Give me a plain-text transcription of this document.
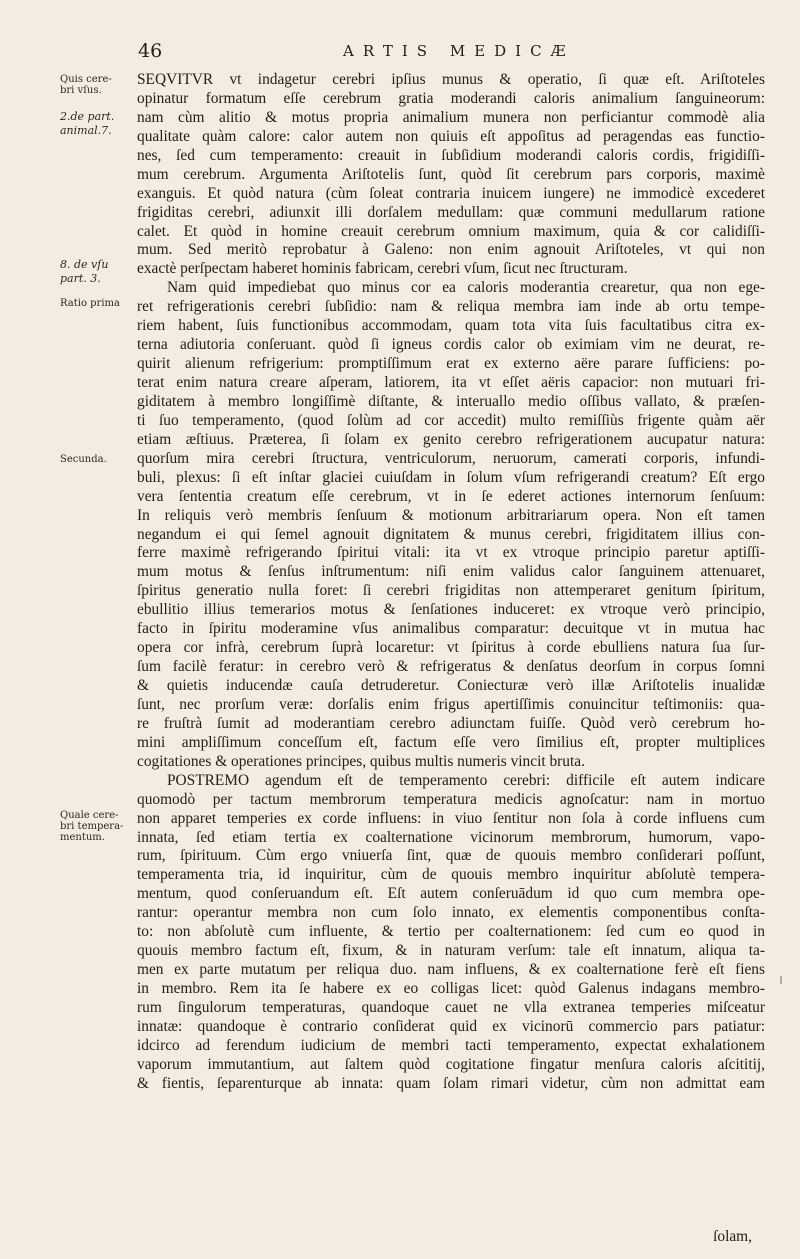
46	ARTIS MEDICÆ
Quis cere-
bri vſus.
2.de part.
animal.7.
8. de vſu
part. 3.
Ratio prima
Secunda.
Quale cere-
bri tempera-
mentum.
SEQVITVR vt indagetur cerebri ipſius munus & operatio, ſi quæ eſt. Ariſtoteles
opinatur formatum eſſe cerebrum gratia moderandi caloris animalium ſanguineorum:
nam cùm alitio & motus propria animalium munera non perficiantur commodè alia
qualitate quàm calore: calor autem non quiuis eſt appoſitus ad peragendas eas functio-
nes, ſed cum temperamento: creauit in ſubſidium moderandi caloris cordis, frigidiſſi-
mum cerebrum. Argumenta Ariſtotelis ſunt, quòd ſit cerebrum pars corporis, maximè
exanguis. Et quòd natura (cùm ſoleat contraria inuicem iungere) ne immodicè excederet
frigiditas cerebri, adiunxit illi dorſalem medullam: quæ communi medullarum ratione
calet. Et quòd in homine creauit cerebrum omnium maximum, quia & cor calidiſſi-
mum. Sed meritò reprobatur à Galeno: non enim agnouit Ariſtoteles, vt qui non
exactè perſpectam haberet hominis fabricam, cerebri vſum, ſicut nec ſtructuram.
Nam quid impediebat quo minus cor ea caloris moderantia crearetur, qua non ege-
ret refrigerationis cerebri ſubſidio: nam & reliqua membra iam inde ab ortu tempe-
riem habent, ſuis functionibus accommodam, quam tota vita ſuis facultatibus citra ex-
terna adiutoria conſeruant. quòd ſi igneus cordis calor ob eximiam vim ne deurat, re-
quirit alienum refrigerium: promptiſſimum erat ex externo aëre parare ſufficiens: po-
terat enim natura creare aſperam, latiorem, ita vt eſſet aëris capacior: non mutuari fri-
giditatem à membro longiſſimè diſtante, & interuallo medio oſſibus vallato, & præſen-
ti ſuo temperamento, (quod ſolùm ad cor accedit) multo remiſſiùs frigente quàm aër
etiam æſtiuus. Præterea, ſi ſolam ex genito cerebro refrigerationem aucupatur natura:
quorſum mira cerebri ſtructura, ventriculorum, neruorum, camerati corporis, infundi-
buli, plexus: ſi eſt inſtar glaciei cuiuſdam in ſolum vſum refrigerandi creatum? Eſt ergo
vera ſententia creatum eſſe cerebrum, vt in ſe ederet actiones internorum ſenſuum:
In reliquis verò membris ſenſuum & motionum arbitrariarum opera. Non eſt tamen
negandum ei qui ſemel agnouit dignitatem & munus cerebri, frigiditatem illius con-
ferre maximè refrigerando ſpiritui vitali: ita vt ex vtroque principio paretur aptiſſi-
mum motus & ſenſus inſtrumentum: niſi enim validus calor ſanguinem attenuaret,
ſpiritus generatio nulla foret: ſi cerebri frigiditas non attemperaret genitum ſpiritum,
ebullitio illius temerarios motus & ſenſationes induceret: ex vtroque verò principio,
facto in ſpiritu moderamine vſus animalibus comparatur: decuitque vt in mutua hac
opera cor infrà, cerebrum ſuprà locaretur: vt ſpiritus à corde ebulliens natura ſua ſur-
ſum facilè feratur: in cerebro verò & refrigeratus & denſatus deorſum in corpus ſomni
& quietis inducendæ cauſa detruderetur. Coniecturæ verò illæ Ariſtotelis inualidæ
ſunt, nec prorſum veræ: dorſalis enim frigus apertiſſimis conuincitur teſtimoniis: qua-
re fruſtrà ſumit ad moderantiam cerebro adiunctam fuiſſe. Quòd verò cerebrum ho-
mini ampliſſimum conceſſum eſt, factum eſſe vero ſimilius eſt, propter multiplices
cogitationes & operationes principes, quibus multis numeris vincit bruta.
POSTREMO agendum eſt de temperamento cerebri: difficile eſt autem indicare
quomodò per tactum membrorum temperatura medicis agnoſcatur: nam in mortuo
non apparet temperies ex corde influens: in viuo ſentitur non ſola à corde influens cum
innata, ſed etiam tertia ex coalternatione vicinorum membrorum, humorum, vapo-
rum, ſpirituum. Cùm ergo vniuerſa ſint, quæ de quouis membro conſiderari poſſunt,
temperamenta tria, id inquiritur, cùm de quouis membro inquiritur abſolutè tempera-
mentum, quod conſeruandum eſt. Eſt autem conſeruādum id quo cum membra ope-
rantur: operantur membra non cum ſolo innato, ex elementis componentibus conſta-
to: non abſolutè cum influente, & tertio per coalternationem: ſed cum eo quod in
quouis membro factum eſt, fixum, & in naturam verſum: tale eſt innatum, aliqua ta-
men ex parte mutatum per reliqua duo. nam influens, & ex coalternatione ferè eſt fiens
in membro. Rem ita ſe habere ex eo colligas licet: quòd Galenus indagans membro-
rum ſingulorum temperaturas, quandoque cauet ne vlla extranea temperies miſceatur
innatæ: quandoque è contrario conſiderat quid ex vicinorū commercio pars patiatur:
idcirco ad ferendum iudicium de membri tacti temperamento, expectat exhalationem
vaporum immutantium, aut ſaltem quòd cogitatione fingatur menſura caloris aſcititij,
& fientis, ſeparenturque ab innata: quam ſolam rimari videtur, cùm non admittat eam
ſolam,
